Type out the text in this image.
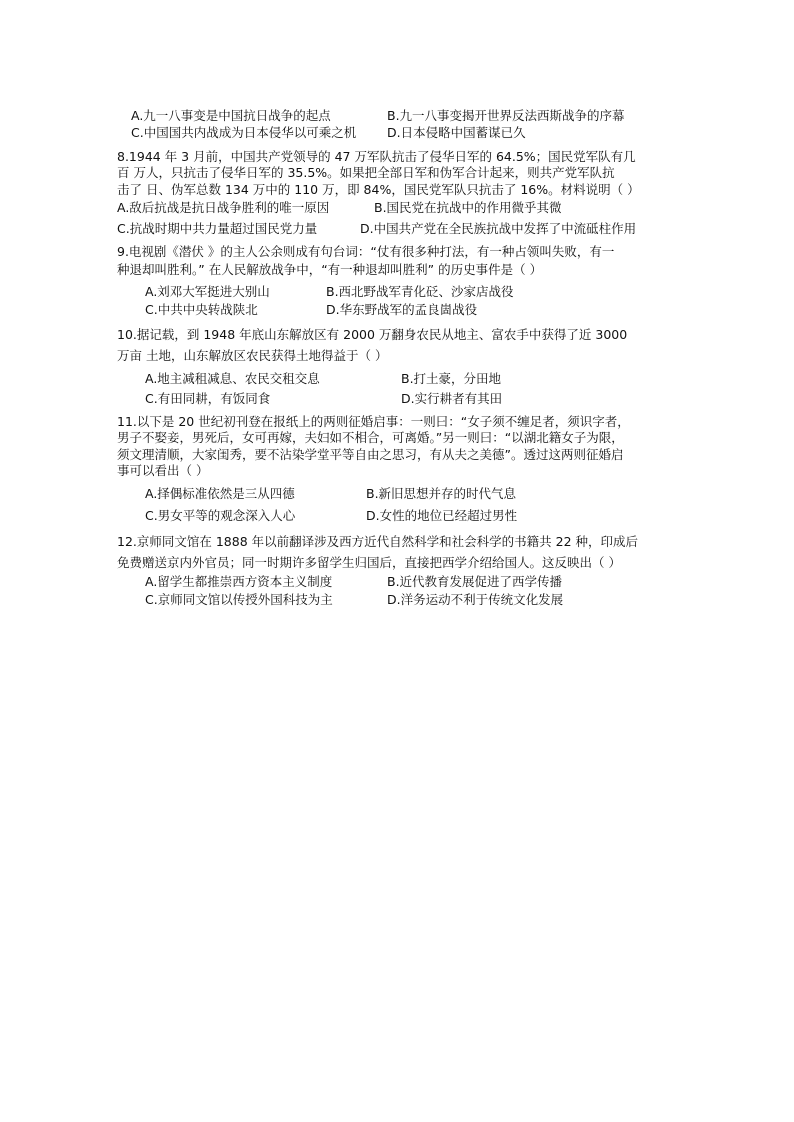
A.九一八事变是中国抗日战争的起点	B.九一八事变揭开世界反法西斯战争的序幕
C.中国国共内战成为日本侵华以可乘之机 D.日本侵略中国蓄谋已久
8.1944 年 3 月前，中国共产党领导的 47 万军队抗击了侵华日军的 64.5%；国民党军队有几
百 万人，只抗击了侵华日军的 35.5%。如果把全部日军和伪军合计起来，则共产党军队抗
击了 日、伪军总数 134 万中的 110 万，即 84%，国民党军队只抗击了 16%。材料说明（ ）
A.敌后抗战是抗日战争胜利的唯一原因	B.国民党在抗战中的作用微乎其微
C.抗战时期中共力量超过国民党力量	D.中国共产党在全民族抗战中发挥了中流砥柱作用
9.电视剧《潜伏 》的主人公余则成有句台词：“仗有很多种打法，有一种占领叫失败，有一
种退却叫胜利。” 在人民解放战争中，“有一种退却叫胜利” 的历史事件是（ ）
A.刘邓大军挺进大别山	B.西北野战军青化砭、沙家店战役
C.中共中央转战陕北	D.华东野战军的孟良崮战役
10.据记载，到 1948 年底山东解放区有 2000 万翻身农民从地主、富农手中获得了近 3000
万亩 土地，山东解放区农民获得土地得益于（ ）
A.地主减租减息、农民交租交息	B.打土豪，分田地
C.有田同耕，有饭同食	D.实行耕者有其田
11.以下是 20 世纪初刊登在报纸上的两则征婚启事：一则曰：“女子须不缠足者，须识字者，
男子不娶妾，男死后，女可再嫁，夫妇如不相合，可离婚。”另一则曰：“以湖北籍女子为限，
须文理清顺，大家闺秀，要不沾染学堂平等自由之思习，有从夫之美德”。透过这两则征婚启
事可以看出（ ）
A.择偶标准依然是三从四德	B.新旧思想并存的时代气息
C.男女平等的观念深入人心	D.女性的地位已经超过男性
12.京师同文馆在 1888 年以前翻译涉及西方近代自然科学和社会科学的书籍共 22 种，印成后
免费赠送京内外官员；同一时期许多留学生归国后，直接把西学介绍给国人。这反映出（ ）
A.留学生都推崇西方资本主义制度	B.近代教育发展促进了西学传播
C.京师同文馆以传授外国科技为主	D.洋务运动不利于传统文化发展
